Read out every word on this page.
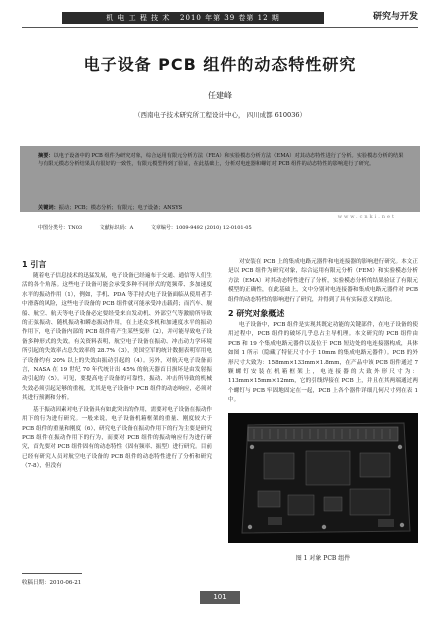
机 电 工 程 技 术 2010 年第 39 卷第 12 期	研究与开发
电子设备 PCB 组件的动态特性研究
任建峰
（西南电子技术研究所工程设计中心， 四川成都 610036）
摘要：以电子设备中的 PCB 组件为研究对象，综合运用有限元分析方法（FEA）和实验模态分析方法（EMA）对其动态特性进行了分析。实验模态分析的结果与有限元模态分析结果具有很好的一致性，有限元模型得到了验证，在此基础上，分析对电连器和螺钉对 PCB 组件的动态特性的影响进行了研究。
关键词：振动；PCB；模态分析；有限元；电子设备；ANSYS
中图分类号：TN03	文献标识码：A	文章编号：1009-9492 (2010) 12-0101-05
www.cnki.net
1 引言
随着电子信息技术的迅猛发展，电子设备已经遍布于交通、通信等人们生活的各个角落。这些电子设备可能会承受多种不同形式的宽频带、多加速度水平的振动作用（1），例如，手机、PDA 等手持式电子设备面临从使用者手中滑落的风险，这些电子设备的 PCB 组件就可能承受冲击载荷；而汽车、舰船、航空、航天等电子设备必定要经受来自发动机、外部空气等激励所导致的正弦振动、随机振动和瞬态振动作用，在上述众多机和加速度水平的振动作用下，电子设备内部的 PCB 组件将产生某些变形（2），并可能导致电子设备多种形式的失效。有关资料表明，航空电子设备在振动、冲击动力学环境所引起的失效率占总失效率的 28.7%（3），美国空军的统计数据表明军用电子设备约有 20% 以上的失效由振动引起的（4）。另外，对航天电子设备而言，NASA 在 19 世纪 70 年代统计出 45% 的航天器首日损坏是由发射振动引起的（5）。可见，要提高电子设备的可靠性，振动、冲击所导致的机械失效必须引起足够的重视，尤其是电子设备中 PCB 组件的动态响应，必须对其进行预测和分析。
基于振动因素对电子设备具有如此突出的作用，需要对电子设备在振动作用下的行为进行研究。一般来说，电子设备机箱框架的重量、刚度较大于 PCB 组件的重量和刚度（6），研究电子设备在振动作用下的行为主要是研究 PCB 组件在振动作用下的行为，而要对 PCB 组件的振动响应行为进行研究，首先要对 PCB 组件固有的动态特性（固有频率、振型）进行研究。目前已经有研究人员对航空电子设备的 PCB 组件的动态特性进行了分析和研究（7-8），但没有
对安装在 PCB 上的集成电路元器件和电连接器的影响进行研究。本文正是以 PCB 组件为研究对象，综合运用有限元分析（FEM）和实验模态分析方法（EMA）对其动态特性进行了分析，实验模态分析的结果验证了有限元模型的正确性，在此基础上，文中分别对电连接器和集成电路元器件对 PCB 组件的动态特性的影响进行了研究，并得到了具有实际意义的结论。
2 研究对象概述
电子设备中，PCB 组件是实现其既定功能的关键部件，在电子设备的使用过程中，PCB 组件的破坏几乎总占主导机理。本文研究的 PCB 组件由 PCB 和 19 个集成电路元器件以及位于 PCB 短边处的电连接器构成，具体如图 1 所示（隐藏了特征尺寸小于 10mm 的集成电路元器件）。PCB 的外形尺寸大致为：158mm×133mm×1.8mm，在产品中该 PCB 组件通过 7 颗螺钉安装在机箱框架上，电连接器的大致外形尺寸为：113mm×15mm×12mm，它的引线焊接在 PCB 上，并且在其两端通过两个螺钉与 PCB 牢固地固定在一起，PCB 上各个器件详细几何尺寸列在表 1 中。
图 1 对象 PCB 组件
收稿日期：2010-06-21
101
